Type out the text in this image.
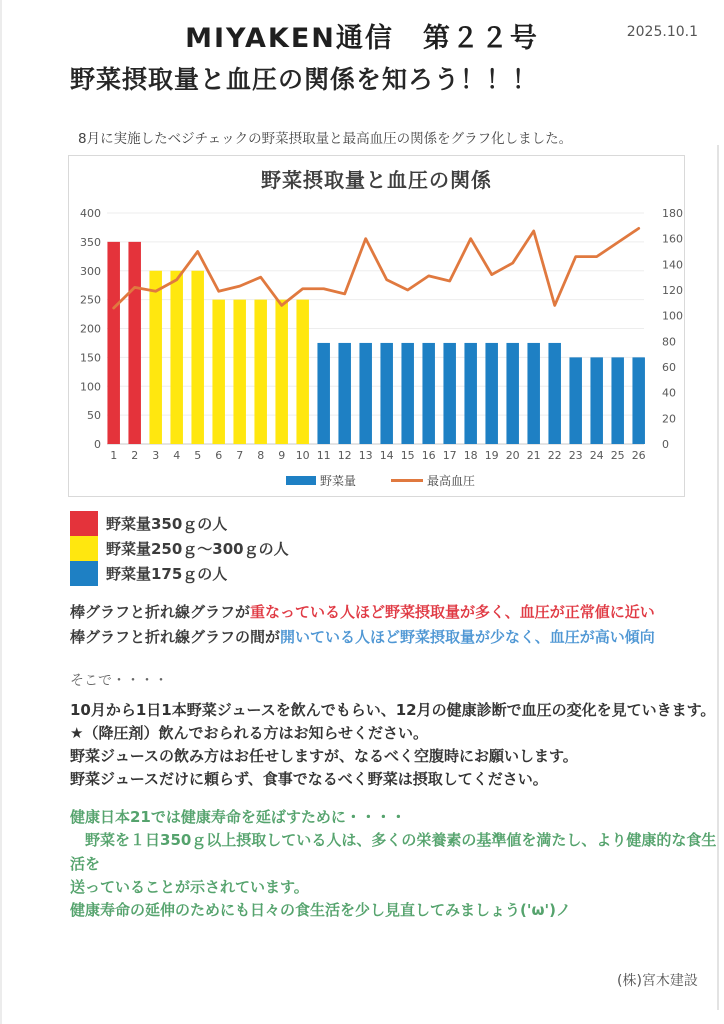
MIYAKEN通信　第２２号	2025.10.1
野菜摂取量と血圧の関係を知ろう！！！
8月に実施したベジチェックの野菜摂取量と最高血圧の関係をグラフ化しました。
0
50
100
150
200
250
300
350
400
0
20
40
60
80
100
120
140
160
180
1 2 3 4 5 6 7 8 9 10 11 12 13 14 15 16 17 18 19 20 21 22 23 24 25 26
野菜量	最高血圧
野菜摂取量と血圧の関係
野菜量350ｇの人
野菜量250ｇ～300ｇの人
野菜量175ｇの人
棒グラフと折れ線グラフが重なっている人ほど野菜摂取量が多く、血圧が正常値に近い
棒グラフと折れ線グラフの間が開いている人ほど野菜摂取量が少なく、血圧が高い傾向
そこで・・・・
10月から1日1本野菜ジュースを飲んでもらい、12月の健康診断で血圧の変化を見ていきます。
★（降圧剤）飲んでおられる方はお知らせください。
野菜ジュースの飲み方はお任せしますが、なるべく空腹時にお願いします。
野菜ジュースだけに頼らず、食事でなるべく野菜は摂取してください。
健康日本21では健康寿命を延ばすために・・・・
　野菜を１日350ｇ以上摂取している人は、多くの栄養素の基準値を満たし、より健康的な食生活を
送っていることが示されています。
健康寿命の延伸のためにも日々の食生活を少し見直してみましょう('ω')ノ
(株)宮木建設
